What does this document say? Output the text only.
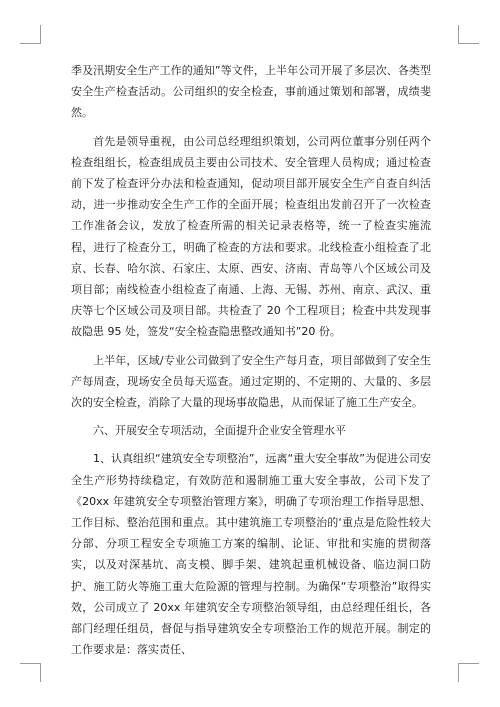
季及汛期安全生产工作的通知”等文件，上半年公司开展了多层次、各类型安全生产检查活动。公司组织的安全检查，事前通过策划和部署，成绩斐然。

首先是领导重视，由公司总经理组织策划，公司两位董事分别任两个检查组组长，检查组成员主要由公司技术、安全管理人员构成；通过检查前下发了检查评分办法和检查通知，促动项目部开展安全生产自查自纠活动，进一步推动安全生产工作的全面开展；检查组出发前召开了一次检查工作准备会议，发放了检查所需的相关记录表格等，统一了检查实施流程，进行了检查分工，明确了检查的方法和要求。北线检查小组检查了北京、长春、哈尔滨、石家庄、太原、西安、济南、青岛等八个区域公司及项目部；南线检查小组检查了南通、上海、无锡、苏州、南京、武汉、重庆等七个区域公司及项目部。共检查了 20 个工程项目；检查中共发现事故隐患 95 处，签发“安全检查隐患整改通知书”20 份。

上半年，区域/专业公司做到了安全生产每月查，项目部做到了安全生产每周查，现场安全员每天巡查。通过定期的、不定期的、大量的、多层次的安全检查，消除了大量的现场事故隐患，从而保证了施工生产安全。

六、开展安全专项活动，全面提升企业安全管理水平

1、认真组织“建筑安全专项整治”，远离“重大安全事故”为促进公司安全生产形势持续稳定，有效防范和遏制施工重大安全事故，公司下发了《20xx 年建筑安全专项整治管理方案》，明确了专项治理工作指导思想、工作目标、整治范围和重点。其中建筑施工专项整治的‘重点是危险性较大分部、分项工程安全专项施工方案的编制、论证、审批和实施的贯彻落实，以及对深基坑、高支模、脚手架、建筑起重机械设备、临边洞口防护、施工防火等施工重大危险源的管理与控制。为确保“专项整治”取得实效，公司成立了 20xx 年建筑安全专项整治领导组，由总经理任组长，各部门经理任组员，督促与指导建筑安全专项整治工作的规范开展。制定的工作要求是：落实责任、
